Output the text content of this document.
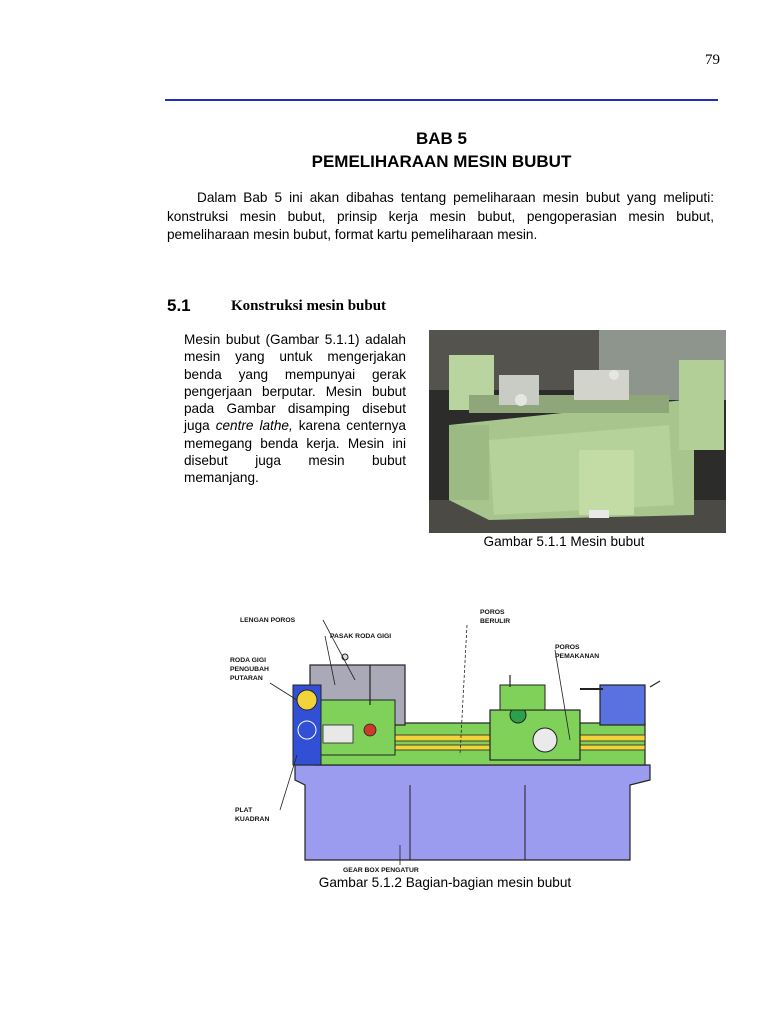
79
BAB 5
PEMELIHARAAN MESIN BUBUT
Dalam Bab 5 ini akan dibahas tentang pemeliharaan mesin bubut yang meliputi: konstruksi mesin bubut, prinsip kerja mesin bubut, pengoperasian mesin bubut, pemeliharaan mesin bubut, format kartu pemeliharaan mesin.
5.1	Konstruksi mesin bubut
Mesin bubut (Gambar 5.1.1) adalah mesin yang untuk mengerjakan benda yang mempunyai gerak pengerjaan berputar. Mesin bubut pada Gambar disamping disebut juga centre lathe, karena centernya memegang benda kerja. Mesin ini disebut juga mesin bubut memanjang.
Gambar 5.1.1 Mesin bubut
LENGAN POROS
PASAK RODA GIGI
RODA GIGI
PENGUBAH
PUTARAN
POROS
BERULIR
POROS
PEMAKANAN
PLAT
KUADRAN
GEAR BOX PENGATUR
Gambar 5.1.2 Bagian-bagian mesin bubut
